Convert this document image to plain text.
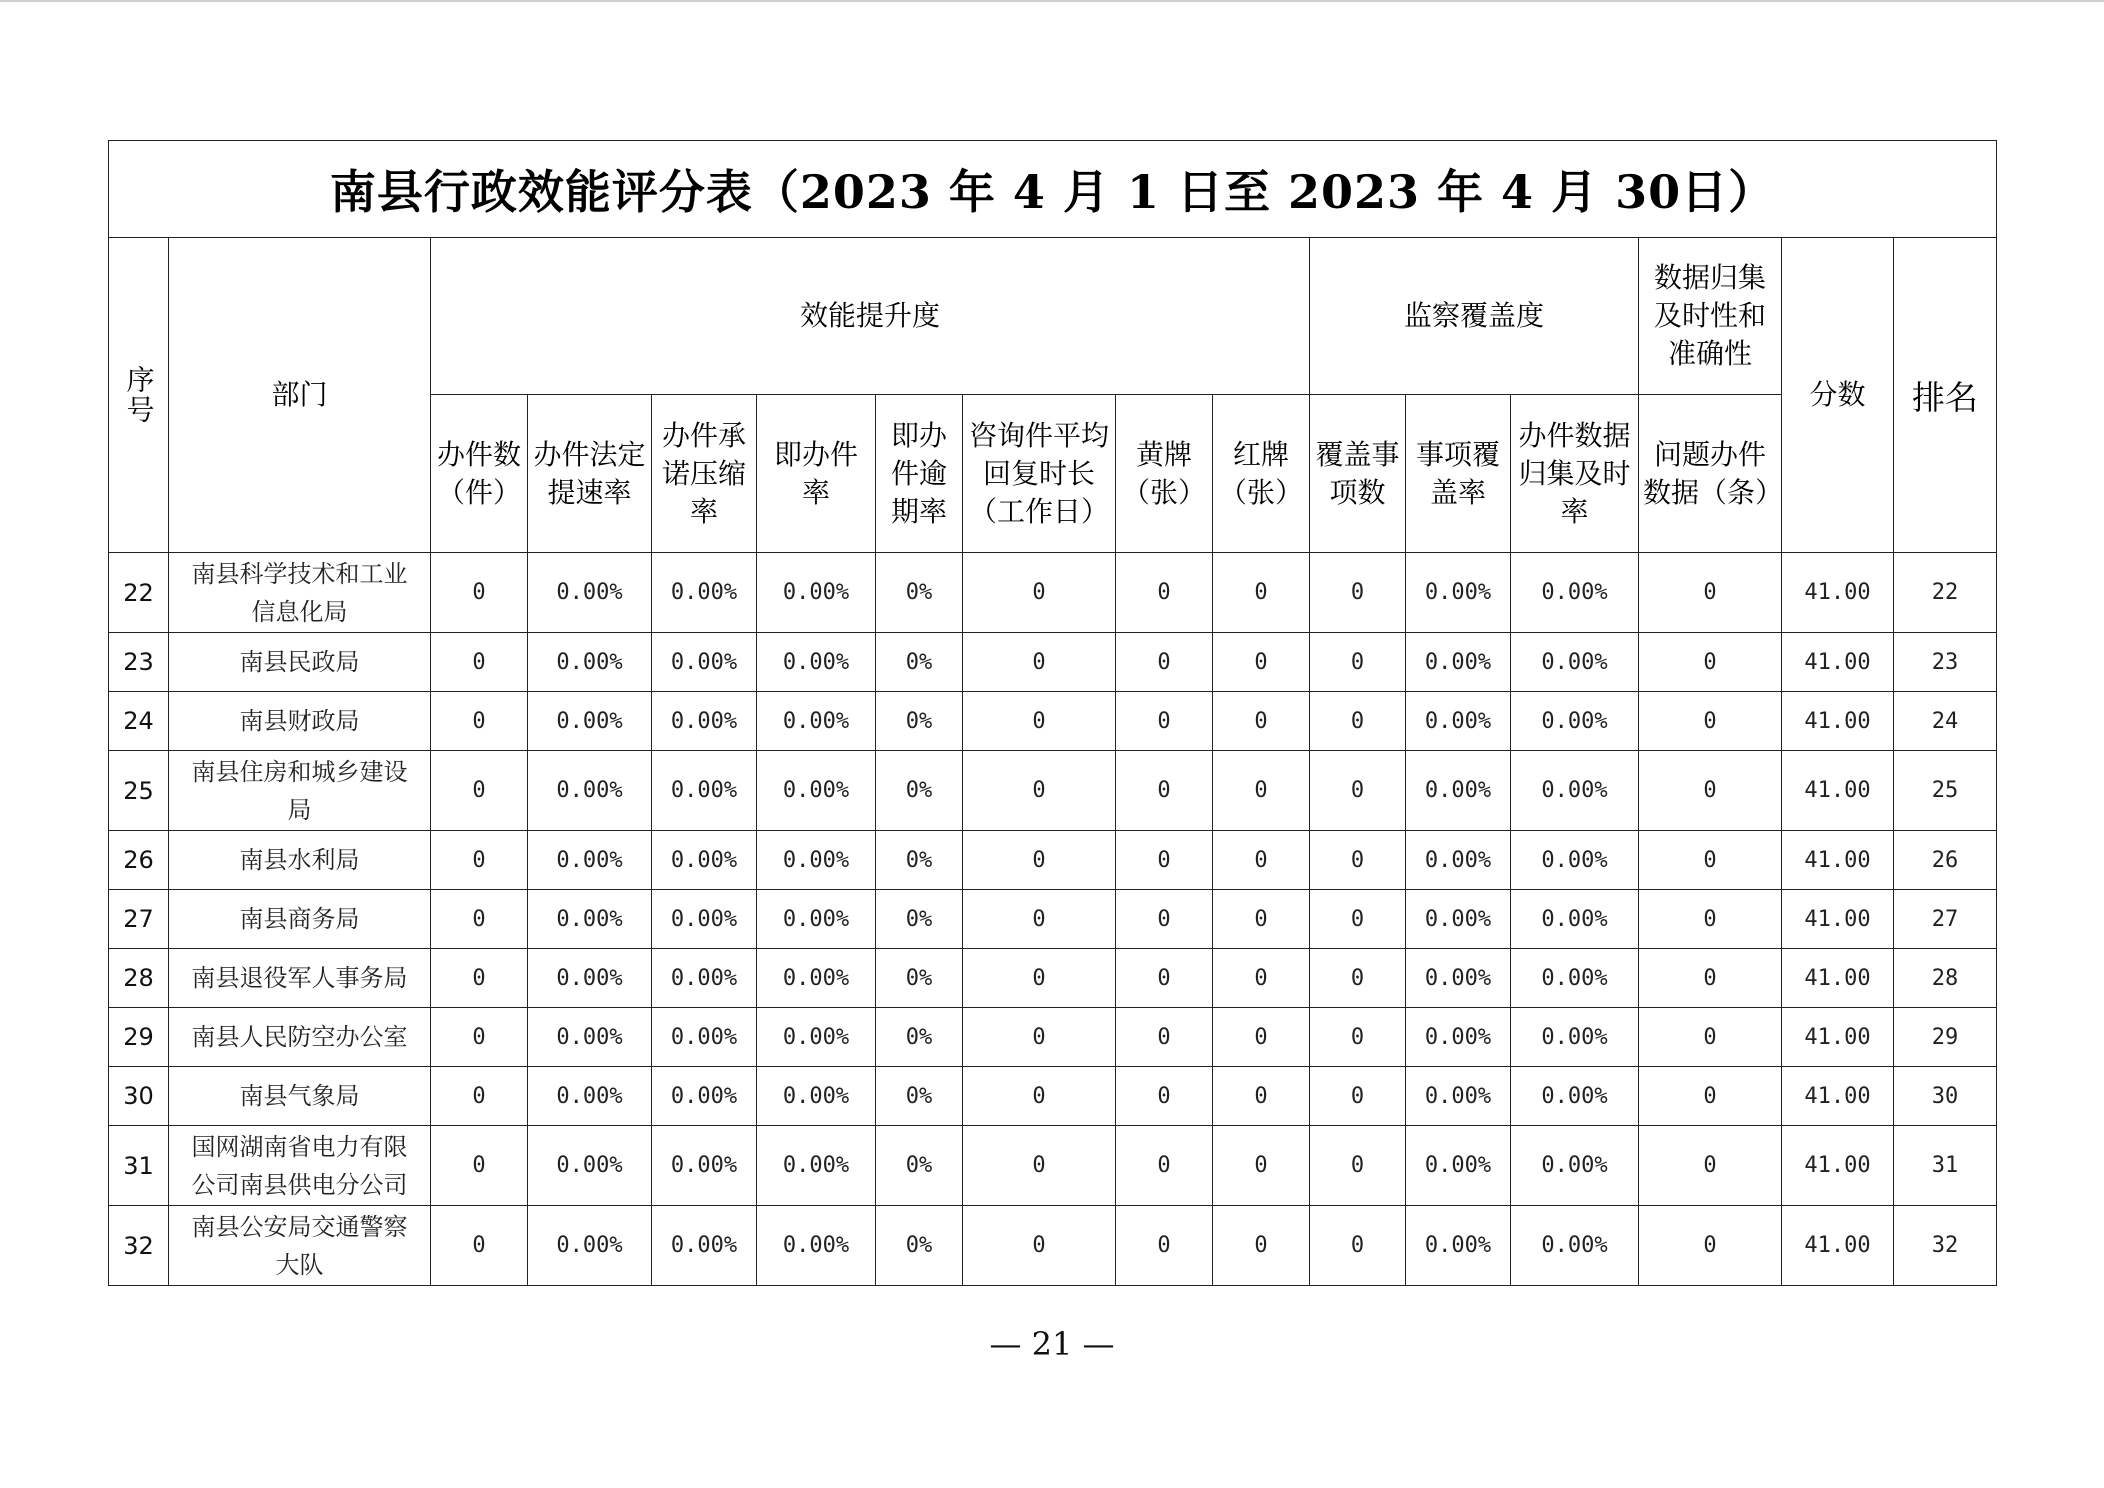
南县行政效能评分表（2023 年 4 月 1 日至 2023 年 4 月 30日）															

序号	部门	效能提升度								监察覆盖度			数据归集及时性和准确性	分数	排名
		办件数（件）	办件法定提速率	办件承诺压缩率	即办件率	即办件逾期率	咨询件平均回复时长（工作日）	黄牌（张）	红牌（张）	覆盖事项数	事项覆盖率	办件数据归集及时率	问题办件数据（条）		
22	南县科学技术和工业信息化局	0	0.00%	0.00%	0.00%	0%	0	0	0	0	0.00%	0.00%	0	41.00	22
23	南县民政局	0	0.00%	0.00%	0.00%	0%	0	0	0	0	0.00%	0.00%	0	41.00	23
24	南县财政局	0	0.00%	0.00%	0.00%	0%	0	0	0	0	0.00%	0.00%	0	41.00	24
25	南县住房和城乡建设局	0	0.00%	0.00%	0.00%	0%	0	0	0	0	0.00%	0.00%	0	41.00	25
26	南县水利局	0	0.00%	0.00%	0.00%	0%	0	0	0	0	0.00%	0.00%	0	41.00	26
27	南县商务局	0	0.00%	0.00%	0.00%	0%	0	0	0	0	0.00%	0.00%	0	41.00	27
28	南县退役军人事务局	0	0.00%	0.00%	0.00%	0%	0	0	0	0	0.00%	0.00%	0	41.00	28
29	南县人民防空办公室	0	0.00%	0.00%	0.00%	0%	0	0	0	0	0.00%	0.00%	0	41.00	29
30	南县气象局	0	0.00%	0.00%	0.00%	0%	0	0	0	0	0.00%	0.00%	0	41.00	30
31	国网湖南省电力有限公司南县供电分公司	0	0.00%	0.00%	0.00%	0%	0	0	0	0	0.00%	0.00%	0	41.00	31
32	南县公安局交通警察大队	0	0.00%	0.00%	0.00%	0%	0	0	0	0	0.00%	0.00%	0	41.00	32
— 21 —
